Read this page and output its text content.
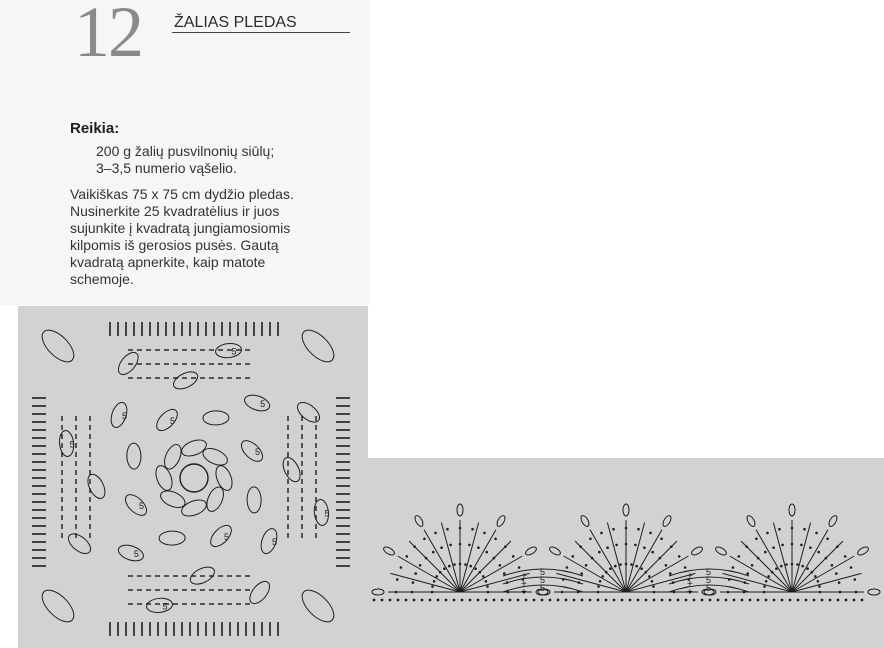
12 ŽALIAS PLEDAS
Reikia:
200 g žalių pusvilnonių siūlų;
3–3,5 numerio vąšelio.
Vaikiškas 75 x 75 cm dydžio pledas.
Nusinerkite 25 kvadratėlius ir juos
sujunkite į kvadratą jungiamosiomis
kilpomis iš gerosios pusės. Gautą
kvadratą apnerkite, kaip matote
schemoje.
5
5
5
5
5
5
5
5
5
5
5
5
5
+ 5
+ 5
+
5
+ 5
+ 5
+
